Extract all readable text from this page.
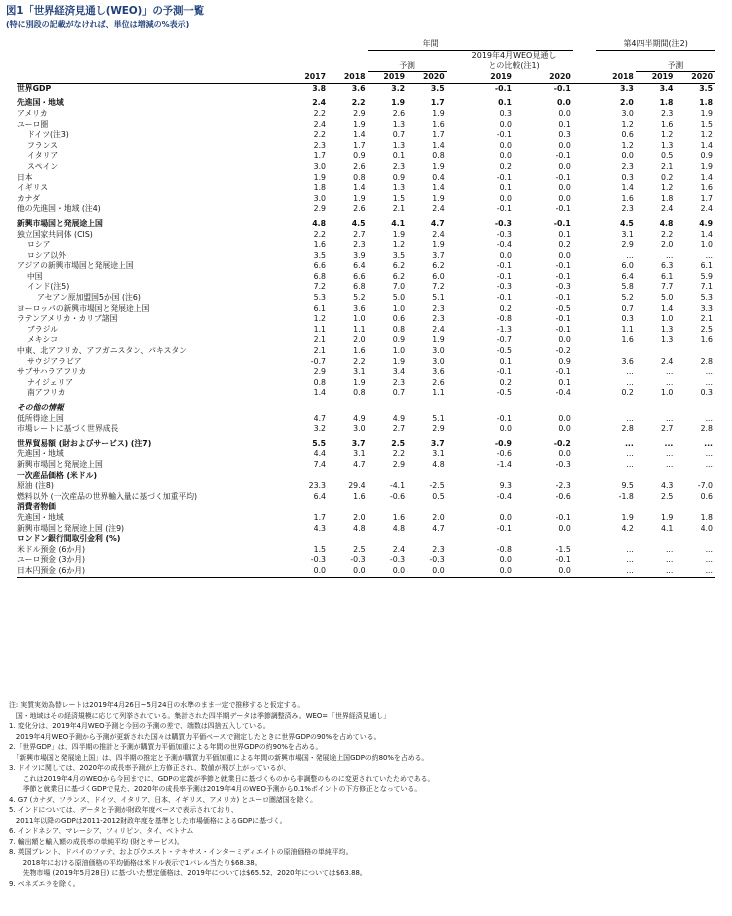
図1「世界経済見通し(WEO)」の予測一覧
(特に別段の記載がなければ、単位は増減の%表示)
	年間								第4四半期間(注2)		

						2019年4月WEO見通し
との比較(注1)					

			予測							予測	
	2017	2018	2019	2020		2019	2020		2018	2019	2020
世界GDP	3.8	3.6	3.2	3.5		-0.1	-0.1		3.3	3.4	3.5

先進国・地域	2.4	2.2	1.9	1.7		0.1	0.0		2.0	1.8	1.8
アメリカ	2.2	2.9	2.6	1.9		0.3	0.0		3.0	2.3	1.9
ユーロ圏	2.4	1.9	1.3	1.6		0.0	0.1		1.2	1.6	1.5
ドイツ(注3)	2.2	1.4	0.7	1.7		-0.1	0.3		0.6	1.2	1.2
フランス	2.3	1.7	1.3	1.4		0.0	0.0		1.2	1.3	1.4
イタリア	1.7	0.9	0.1	0.8		0.0	-0.1		0.0	0.5	0.9
スペイン	3.0	2.6	2.3	1.9		0.2	0.0		2.3	2.1	1.9
日本	1.9	0.8	0.9	0.4		-0.1	-0.1		0.3	0.2	1.4
イギリス	1.8	1.4	1.3	1.4		0.1	0.0		1.4	1.2	1.6
カナダ	3.0	1.9	1.5	1.9		0.0	0.0		1.6	1.8	1.7
他の先進国・地域 (注4)	2.9	2.6	2.1	2.4		-0.1	-0.1		2.3	2.4	2.4

新興市場国と発展途上国	4.8	4.5	4.1	4.7		-0.3	-0.1		4.5	4.8	4.9
独立国家共同体 (CIS)	2.2	2.7	1.9	2.4		-0.3	0.1		3.1	2.2	1.4
ロシア	1.6	2.3	1.2	1.9		-0.4	0.2		2.9	2.0	1.0
ロシア以外	3.5	3.9	3.5	3.7		0.0	0.0		...	...	...
アジアの新興市場国と発展途上国	6.6	6.4	6.2	6.2		-0.1	-0.1		6.0	6.3	6.1
中国	6.8	6.6	6.2	6.0		-0.1	-0.1		6.4	6.1	5.9
インド(注5)	7.2	6.8	7.0	7.2		-0.3	-0.3		5.8	7.7	7.1
アセアン原加盟国5か国 (注6)	5.3	5.2	5.0	5.1		-0.1	-0.1		5.2	5.0	5.3
ヨーロッパの新興市場国と発展途上国	6.1	3.6	1.0	2.3		0.2	-0.5		0.7	1.4	3.3
ラテンアメリカ・カリブ諸国	1.2	1.0	0.6	2.3		-0.8	-0.1		0.3	1.0	2.1
ブラジル	1.1	1.1	0.8	2.4		-1.3	-0.1		1.1	1.3	2.5
メキシコ	2.1	2.0	0.9	1.9		-0.7	0.0		1.6	1.3	1.6
中東、北アフリカ、アフガニスタン、パキスタン	2.1	1.6	1.0	3.0		-0.5	-0.2				
サウジアラビア	-0.7	2.2	1.9	3.0		0.1	0.9		3.6	2.4	2.8
サブサハラアフリカ	2.9	3.1	3.4	3.6		-0.1	-0.1		...	...	...
ナイジェリア	0.8	1.9	2.3	2.6		0.2	0.1		...	...	...
南アフリカ	1.4	0.8	0.7	1.1		-0.5	-0.4		0.2	1.0	0.3

その他の情報											
低所得途上国	4.7	4.9	4.9	5.1		-0.1	0.0		...	...	...
市場レートに基づく世界成長	3.2	3.0	2.7	2.9		0.0	0.0		2.8	2.7	2.8

世界貿易額 (財およびサービス) (注7)	5.5	3.7	2.5	3.7		-0.9	-0.2		...	...	...
先進国・地域	4.4	3.1	2.2	3.1		-0.6	0.0		...	...	...
新興市場国と発展途上国	7.4	4.7	2.9	4.8		-1.4	-0.3		...	...	...
一次産品価格 (米ドル)											
原油 (注8)	23.3	29.4	-4.1	-2.5		9.3	-2.3		9.5	4.3	-7.0
燃料以外 (一次産品の世界輸入量に基づく加重平均)	6.4	1.6	-0.6	0.5		-0.4	-0.6		-1.8	2.5	0.6
消費者物価											
先進国・地域	1.7	2.0	1.6	2.0		0.0	-0.1		1.9	1.9	1.8
新興市場国と発展途上国 (注9)	4.3	4.8	4.8	4.7		-0.1	0.0		4.2	4.1	4.0
ロンドン銀行間取引金利 (%)											
米ドル預金 (6か月)	1.5	2.5	2.4	2.3		-0.8	-1.5		...	...	...
ユーロ預金 (3か月)	-0.3	-0.3	-0.3	-0.3		0.0	-0.1		...	...	...
日本円預金 (6か月)	0.0	0.0	0.0	0.0		0.0	0.0		...	...	...
注: 実質実効為替レートは2019年4月26日~5月24日の水準のまま一定で推移すると仮定する。
　国・地域はその経済規模に応じて列挙されている。集計された四半期データは季節調整済み。WEO=「世界経済見通し」
1. 変化分は、2019年4月WEO予測と今回の予測の差で、端数は四捨五入している。
　2019年4月WEO予測から予測が更新された国々は購買力平価ベースで測定したときに世界GDPの90%を占めている。
2.「世界GDP」は、四半期の推計と予測が購買力平価加重による年間の世界GDPの約90%を占める。
　「新興市場国と発展途上国」は、四半期の推定と予測が購買力平価加重による年間の新興市場国・発展途上国GDPの約80%を占める。
3. ドイツに関しては、2020年の成長率予測が上方修正され、数値が飛び上がっているが、
　　これは2019年4月のWEOから今回までに、GDPの定義が季節と就業日に基づくものから非調整のものに変更されていたためである。
　　季節と就業日に基づくGDPで見た、2020年の成長率予測は2019年4月のWEO予測から0.1%ポイントの下方修正となっている。
4. G7 (カナダ、フランス、ドイツ、イタリア、日本、イギリス、アメリカ) とユーロ圏諸国を除く。
5. インドについては、データと予測が財政年度ベースで表示されており、
　2011年以降のGDPは2011-2012財政年度を基準とした市場価格によるGDPに基づく。
6. インドネシア、マレーシア、フィリピン、タイ、ベトナム
7. 輸出額と輸入額の成長率の単純平均 (財とサービス)。
8. 英国ブレント、ドバイのファテ、およびウエスト・テキサス・インターミディエイトの原油価格の単純平均。
　　2018年における原油価格の平均価格は米ドル表示で1バレル当たり$68.38。
　　先物市場 (2019年5月28日) に基づいた想定価格は、2019年については$65.52、2020年については$63.88。
9. ベネズエラを除く。
